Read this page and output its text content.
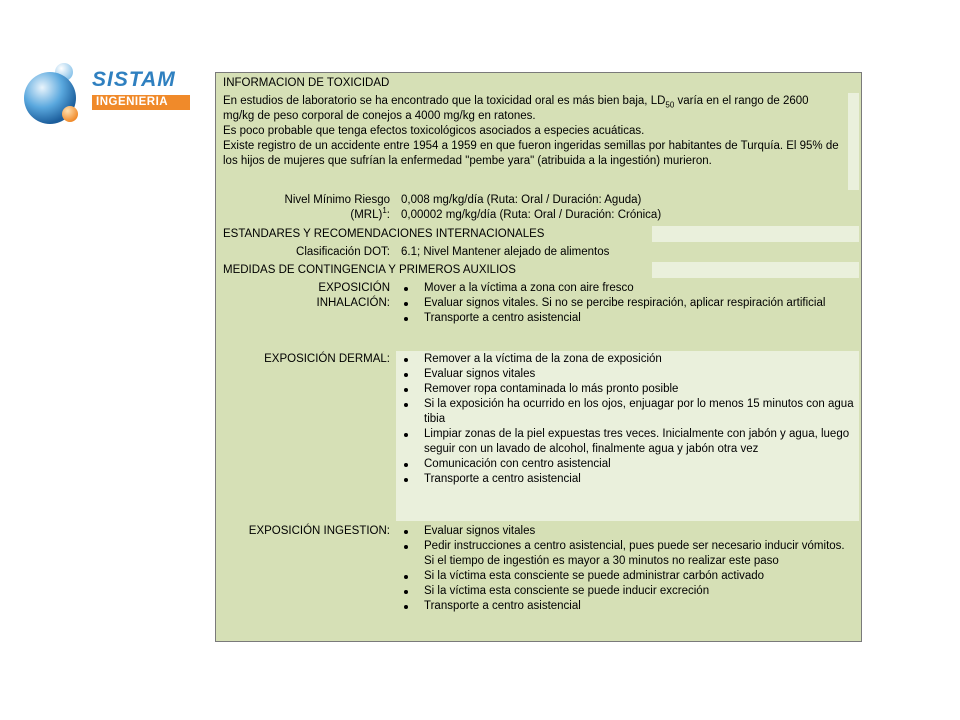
SISTAM
INGENIERIA
INFORMACION DE TOXICIDAD
En estudios de laboratorio se ha encontrado que la toxicidad oral es más bien baja, $LD_{50}$ varía en el rango de 2600 mg/kg de peso corporal de conejos a 4000 mg/kg en ratones.
Es poco probable que tenga efectos toxicológicos asociados a especies acuáticas.
Existe registro de un accidente entre 1954 a 1959 en que fueron ingeridas semillas por habitantes de Turquía. El 95% de los hijos de mujeres que sufrían la enfermedad "pembe yara" (atribuida a la ingestión) murieron.
Nivel Mínimo Riesgo
(MRL)$^1$:
0,008 mg/kg/día (Ruta: Oral / Duración: Aguda)
0,00002 mg/kg/día (Ruta: Oral / Duración: Crónica)
ESTANDARES Y RECOMENDACIONES INTERNACIONALES
Clasificación DOT: 6.1; Nivel Mantener alejado de alimentos
MEDIDAS DE CONTINGENCIA Y PRIMEROS AUXILIOS
EXPOSICIÓN
INHALACIÓN:
Mover a la víctima a zona con aire fresco
Evaluar signos vitales. Si no se percibe respiración, aplicar respiración artificial
Transporte a centro asistencial
EXPOSICIÓN DERMAL:	Remover a la víctima de la zona de exposición
Evaluar signos vitales
Remover ropa contaminada lo más pronto posible
Si la exposición ha ocurrido en los ojos, enjuagar por lo menos 15 minutos con agua tibia
Limpiar zonas de la piel expuestas tres veces. Inicialmente con jabón y agua, luego seguir con un lavado de alcohol, finalmente agua y jabón otra vez
Comunicación con centro asistencial
Transporte a centro asistencial
EXPOSICIÓN INGESTION:	Evaluar signos vitales
Pedir instrucciones a centro asistencial, pues puede ser necesario inducir vómitos. Si el tiempo de ingestión es mayor a 30 minutos no realizar este paso
Si la víctima esta consciente se puede administrar carbón activado
Si la víctima esta consciente se puede inducir excreción
Transporte a centro asistencial
